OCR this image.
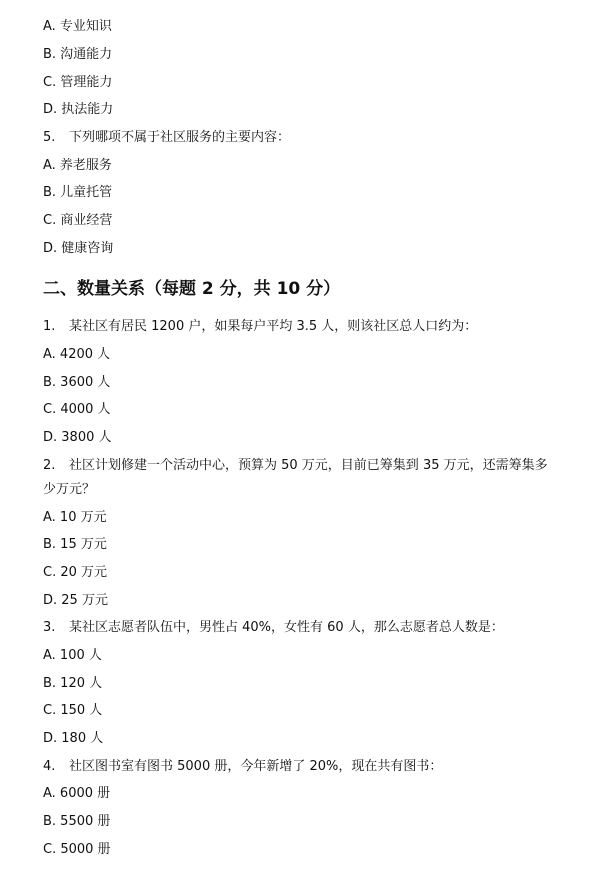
A. 专业知识
B. 沟通能力
C. 管理能力
D. 执法能力
5. 下列哪项不属于社区服务的主要内容：
A. 养老服务
B. 儿童托管
C. 商业经营
D. 健康咨询
二、数量关系（每题 2 分，共 10 分）
1. 某社区有居民 1200 户，如果每户平均 3.5 人，则该社区总人口约为：
A. 4200 人
B. 3600 人
C. 4000 人
D. 3800 人
2. 社区计划修建一个活动中心，预算为 50 万元，目前已筹集到 35 万元，还需筹集多
少万元？
A. 10 万元
B. 15 万元
C. 20 万元
D. 25 万元
3. 某社区志愿者队伍中，男性占 40%，女性有 60 人，那么志愿者总人数是：
A. 100 人
B. 120 人
C. 150 人
D. 180 人
4. 社区图书室有图书 5000 册，今年新增了 20%，现在共有图书：
A. 6000 册
B. 5500 册
C. 5000 册
